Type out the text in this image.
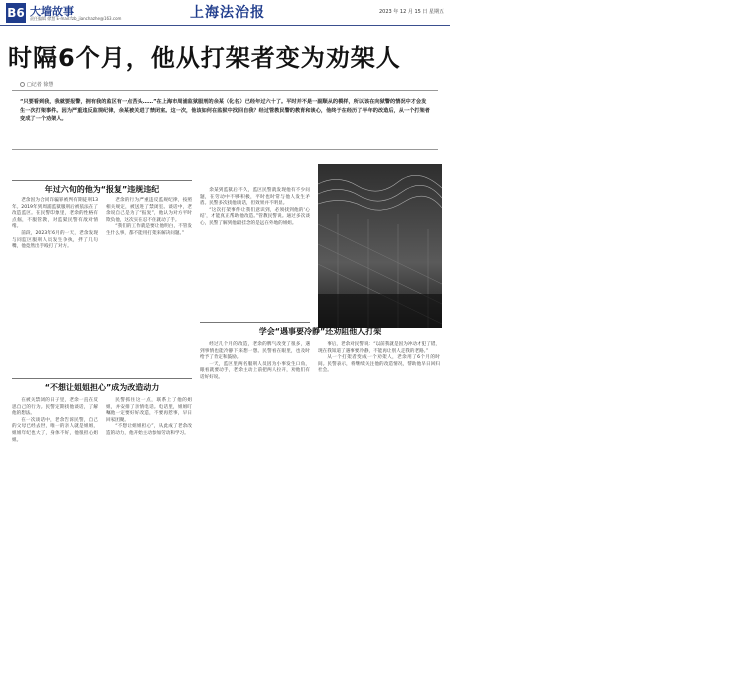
B6 大墙故事
责任编辑 徐慧 E-mail:fzb_jianchazhe@163.com	上海法治报	2023 年 12 月 15 日 星期五
时隔6个月，他从打架者变为劝架人
□记者 徐慧
“只要看到我，我就要报警，拥有我的监区有一点苦头……”在上海市周浦监狱服刑的余某（化名）已经年过六十了。平时并不是一副顺从的模样，所以该在向狱警的情况中才会发生一次打架事件。因为严重违反监规纪律，余某被关进了禁闭室。这一次，他该如何在监狱中找回自我？经过管教民警的教育和谈心，他终于在经历了半年的改造后，从一个打架者变成了一个劝架人。
年过六旬的他为“报复”违规违纪

老余因为合同诈骗罪被判有期徒刑13年。2019年到周浦监狱服刑后被依法在了改造监区。在民警印象里，老余的性格有点倔，不服管教，对监狱民警有敌对情绪。

前段，2023年6月的一天，老余发现与同监区服刑人员发生争执，拌了几句嘴，他竟然出手殴打了对方。

老余的行为严重违反监规纪律，按照相关规定，被送进了禁闭室。谈话中，老余说自己是为了“报复”，他认为对方平时欺负他，这次实在忍不住就动了手。

“我们的工作就是要让他明白，不管发生什么事，都不能用打架来解决问题。”

余某到监狱后不久，监区民警就发现他有不少问题，在劳动中不够积极，平时也时常与他人发生矛盾。民警多次找他谈话，但效果并不明显。

“这次打架事件让我们意识到，必须找到他的‘心结’，才能真正帮助他改造。”管教民警说。通过多次谈心，民警了解到他最挂念的是远在外地的姐姐。

图源网络
“不想让姐姐担心”成为改造动力

在被关禁闭的日子里，老余一直在反思自己的行为。民警定期找他谈话，了解他的想法。

在一次谈话中，老余告诉民警，自己的父母已经去世，唯一的亲人就是姐姐，姐姐年纪也大了，身体不好，他很担心姐姐。

民警抓住这一点，联系上了他的姐姐，并安排了亲情电话。电话里，姐姐叮嘱他一定要好好改造，不要再惹事，早日回家团聚。

“不想让姐姐担心”，从此成了老余改造的动力，他开始主动参加劳动和学习。

学会“遇事要冷静”还劝阻他人打架

经过几个月的改造，老余的脾气改变了很多，遇到事情也能冷静下来想一想。民警看在眼里，也及时给予了肯定和鼓励。

一天，监区里两名服刑人员因为小事发生口角，眼看就要动手，老余主动上前把两人拉开，劝他们有话好好说。

事后，老余对民警说：“以前我就是因为冲动才犯了错，现在我知道了遇事要冷静，不能再让别人走我的老路。”

从一个打架者变成一个劝架人，老余用了6个月的时间。民警表示，将继续关注他的改造情况，帮助他早日回归社会。
